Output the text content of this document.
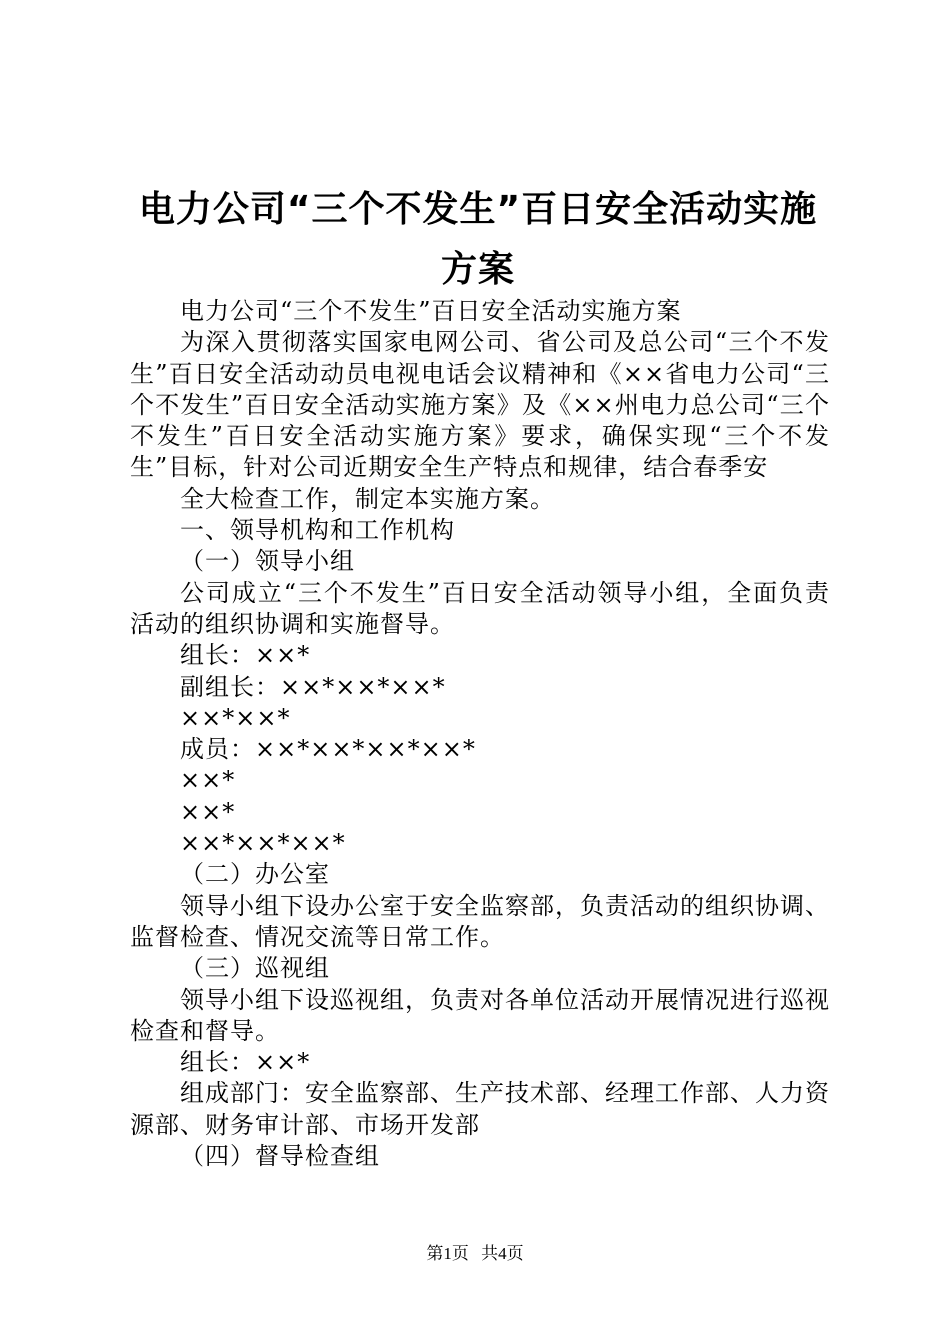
电力公司“三个不发生”百日安全活动实施方案

电力公司“三个不发生”百日安全活动实施方案

为深入贯彻落实国家电网公司、省公司及总公司“三个不发生”百日安全活动动员电视电话会议精神和《××省电力公司“三个不发生”百日安全活动实施方案》及《××州电力总公司“三个不发生”百日安全活动实施方案》要求，确保实现“三个不发生”目标，针对公司近期安全生产特点和规律，结合春季安

全大检查工作，制定本实施方案。

一、领导机构和工作机构

（一）领导小组

公司成立“三个不发生”百日安全活动领导小组，全面负责活动的组织协调和实施督导。

组长：××*

副组长：××*××*××*

××*××*

成员：××*××*××*××*

××*

××*

××*××*××*

（二）办公室

领导小组下设办公室于安全监察部，负责活动的组织协调、监督检查、情况交流等日常工作。

（三）巡视组

领导小组下设巡视组，负责对各单位活动开展情况进行巡视检查和督导。

组长：××*

组成部门：安全监察部、生产技术部、经理工作部、人力资源部、财务审计部、市场开发部

（四）督导检查组

第1页 共4页
